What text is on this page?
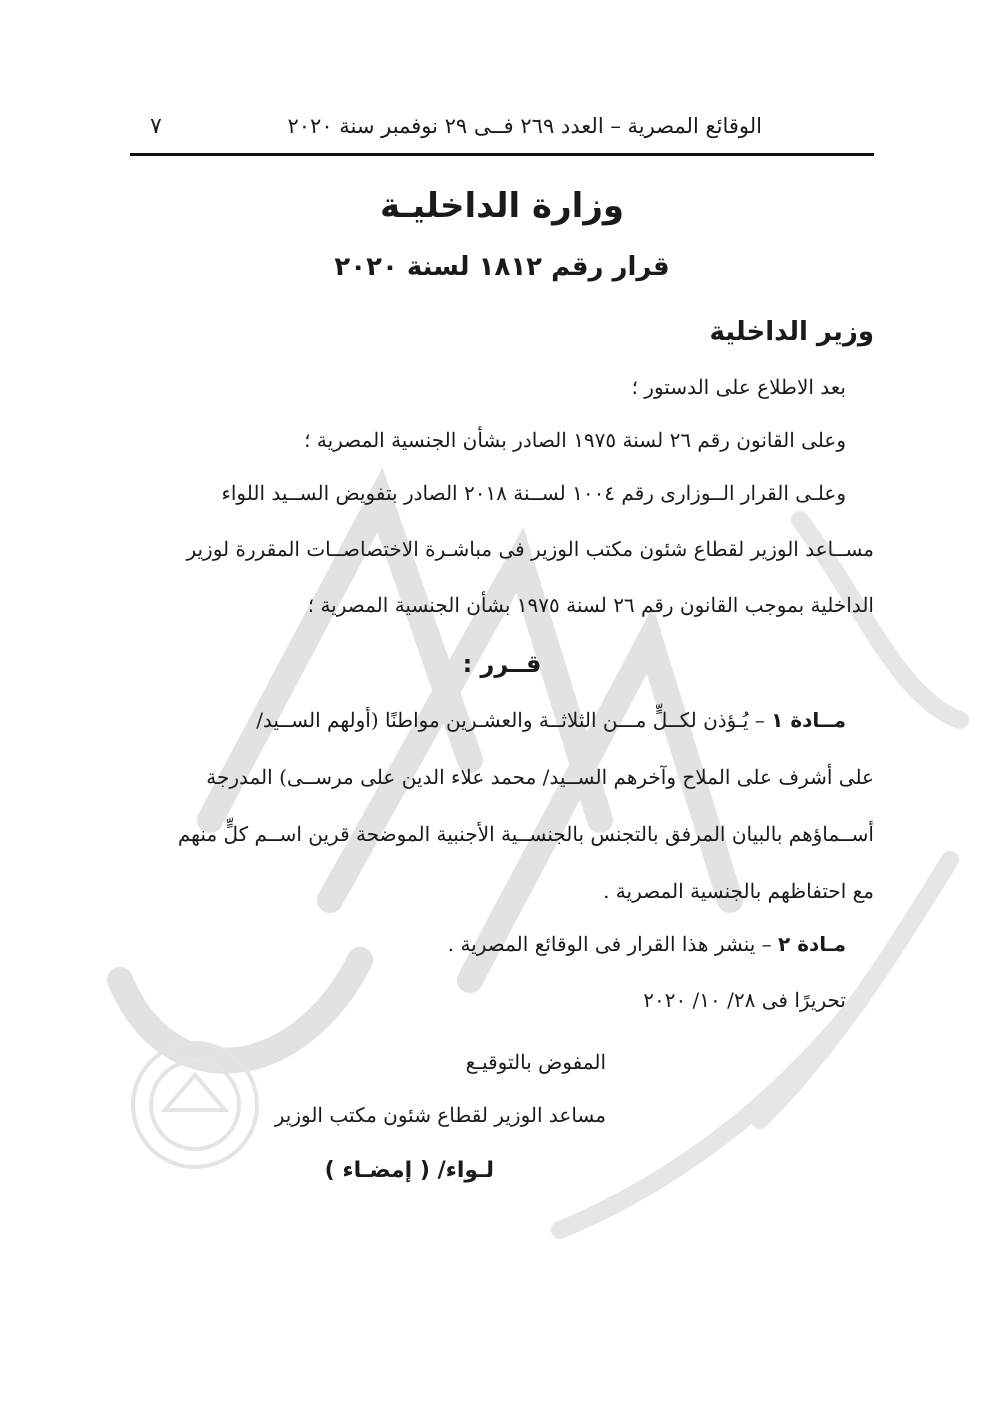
الوقائع المصرية – العدد ٢٦٩ فــى ٢٩ نوفمبر سنة ٢٠٢٠
٧
وزارة الداخليـة
قرار رقم ١٨١٢ لسنة ٢٠٢٠
وزير الداخلية
بعد الاطلاع على الدستور ؛
وعلى القانون رقم ٢٦ لسنة ١٩٧٥ الصادر بشأن الجنسية المصرية ؛
وعلـى القرار الــوزارى رقم ١٠٠٤ لســنة ٢٠١٨ الصادر بتفويض الســيد اللواء
مســاعد الوزير لقطاع شئون مكتب الوزير فى مباشـرة الاختصاصــات المقررة لوزير
الداخلية بموجب القانون رقم ٢٦ لسنة ١٩٧٥ بشأن الجنسية المصرية ؛
قــرر :
مــادة ١ – يُـؤذن لكــلٍّ مـــن الثلاثــة والعشـرين مواطنًا (أولهم الســيد/
على أشرف على الملاح وآخرهم الســيد/ محمد علاء الدين على مرســى) المدرجة
أســماؤهم بالبيان المرفق بالتجنس بالجنســية الأجنبية الموضحة قرين اســم كلٍّ منهم
مع احتفاظهم بالجنسية المصرية .
مـادة ٢ – ينشر هذا القرار فى الوقائع المصرية .
تحريرًا فى ٢٨/ ١٠/ ٢٠٢٠
المفوض بالتوقيـع
مساعد الوزير لقطاع شئون مكتب الوزير
لـواء/ ( إمضـاء )
